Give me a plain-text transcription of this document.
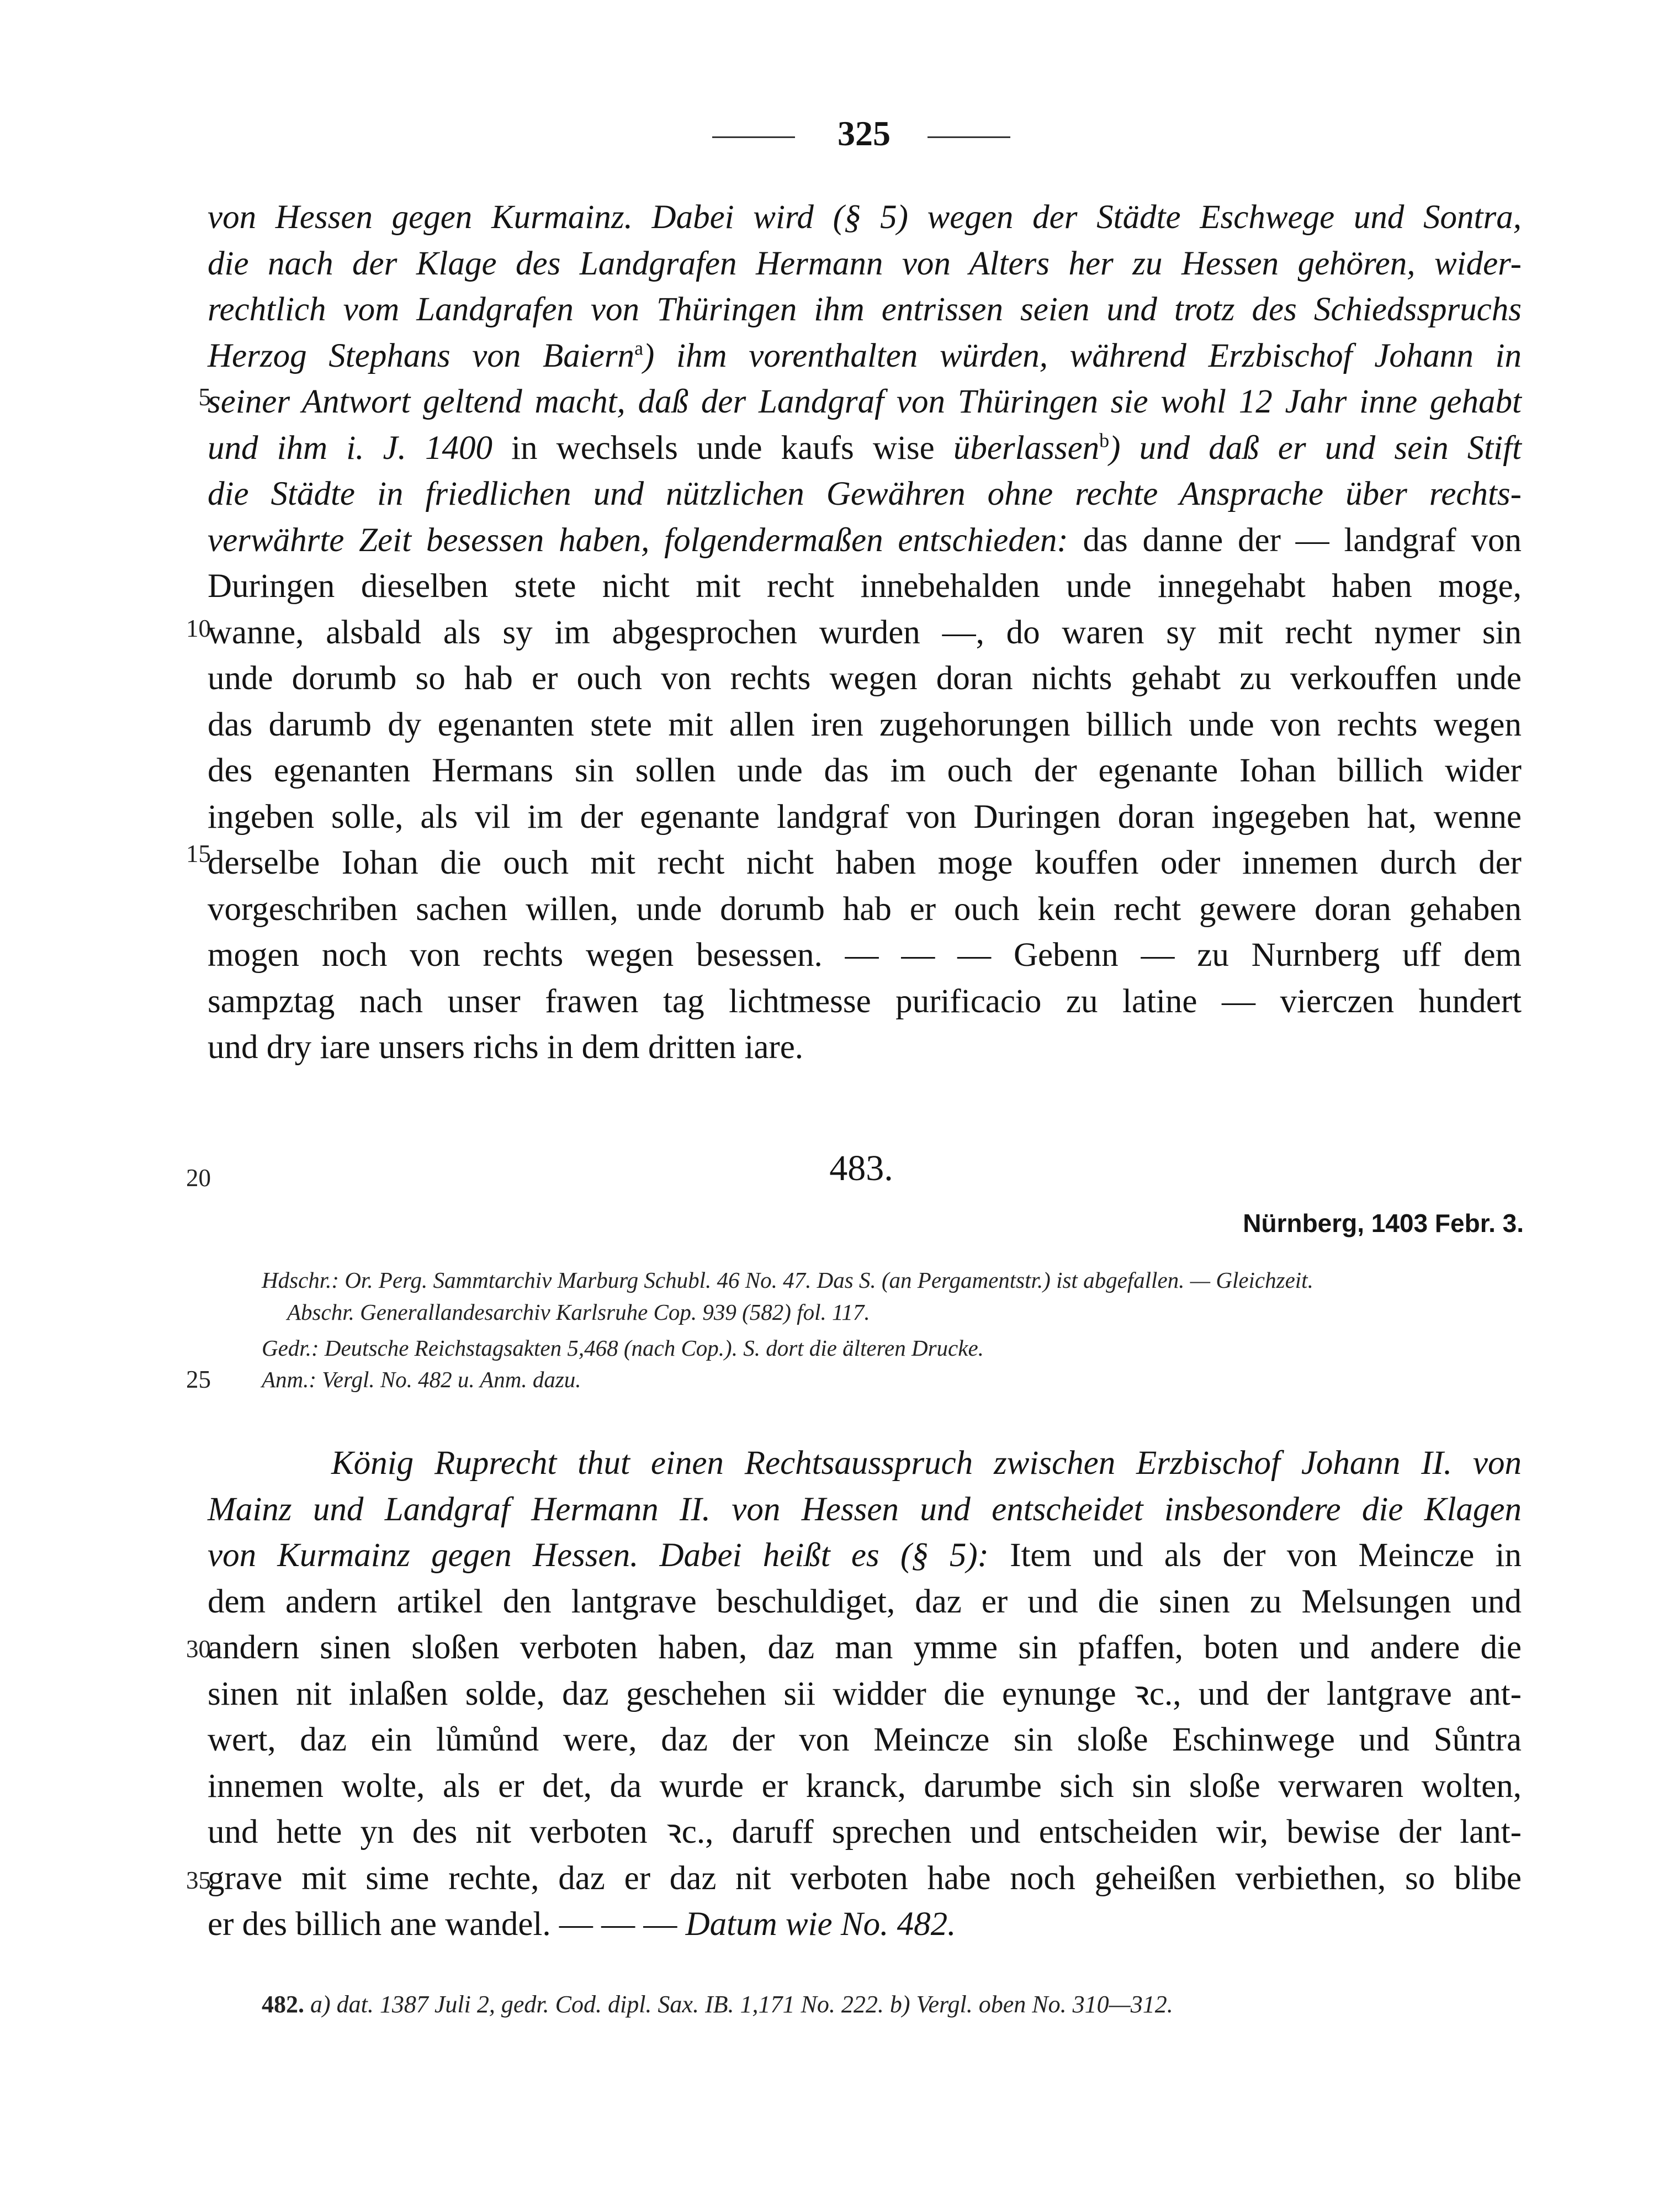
325
5
10
15
20
25
30
35
von Hessen gegen Kurmainz. Dabei wird (§ 5) wegen der Städte Eschwege und Sontra,
die nach der Klage des Landgrafen Hermann von Alters her zu Hessen gehören, wider-
rechtlich vom Landgrafen von Thüringen ihm entrissen seien und trotz des Schiedsspruchs
Herzog Stephans von Baiern$^a$) ihm vorenthalten würden, während Erzbischof Johann in
seiner Antwort geltend macht, daß der Landgraf von Thüringen sie wohl 12 Jahr inne gehabt
und ihm i. J. 1400 in wechsels unde kaufs wise überlassen$^b$) und daß er und sein Stift
die Städte in friedlichen und nützlichen Gewähren ohne rechte Ansprache über rechts-
verwährte Zeit besessen haben, folgendermaßen entschieden: das danne der — landgraf von
Duringen dieselben stete nicht mit recht innebehalden unde innegehabt haben moge,
wanne, alsbald als sy im abgesprochen wurden —, do waren sy mit recht nymer sin
unde dorumb so hab er ouch von rechts wegen doran nichts gehabt zu verkouffen unde
das darumb dy egenanten stete mit allen iren zugehorungen billich unde von rechts wegen
des egenanten Hermans sin sollen unde das im ouch der egenante Iohan billich wider
ingeben solle, als vil im der egenante landgraf von Duringen doran ingegeben hat, wenne
derselbe Iohan die ouch mit recht nicht haben moge kouffen oder innemen durch der
vorgeschriben sachen willen, unde dorumb hab er ouch kein recht gewere doran gehaben
mogen noch von rechts wegen besessen. — — — Gebenn — zu Nurnberg uff dem
sampztag nach unser frawen tag lichtmesse purificacio zu latine — vierczen hundert
und dry iare unsers richs in dem dritten iare.
483.
Nürnberg, 1403 Febr. 3.
Hdschr.: Or. Perg. Sammtarchiv Marburg Schubl. 46 No. 47. Das S. (an Pergamentstr.) ist abgefallen. — Gleichzeit.
Abschr. Generallandesarchiv Karlsruhe Cop. 939 (582) fol. 117.
Gedr.: Deutsche Reichstagsakten 5,468 (nach Cop.). S. dort die älteren Drucke.
Anm.: Vergl. No. 482 u. Anm. dazu.
König Ruprecht thut einen Rechtsausspruch zwischen Erzbischof Johann II. von
Mainz und Landgraf Hermann II. von Hessen und entscheidet insbesondere die Klagen
von Kurmainz gegen Hessen. Dabei heißt es (§ 5): Item und als der von Meincze in
dem andern artikel den lantgrave beschuldiget, daz er und die sinen zu Melsungen und
andern sinen sloßen verboten haben, daz man ymme sin pfaffen, boten und andere die
sinen nit inlaßen solde, daz geschehen sii widder die eynunge ꝛc., und der lantgrave ant-
wert, daz ein lůmůnd were, daz der von Meincze sin sloße Eschinwege und Sůntra
innemen wolte, als er det, da wurde er kranck, darumbe sich sin sloße verwaren wolten,
und hette yn des nit verboten ꝛc., daruff sprechen und entscheiden wir, bewise der lant-
grave mit sime rechte, daz er daz nit verboten habe noch geheißen verbiethen, so blibe
er des billich ane wandel. — — — Datum wie No. 482.
482. a) dat. 1387 Juli 2, gedr. Cod. dipl. Sax. IB. 1,171 No. 222. b) Vergl. oben No. 310—312.
